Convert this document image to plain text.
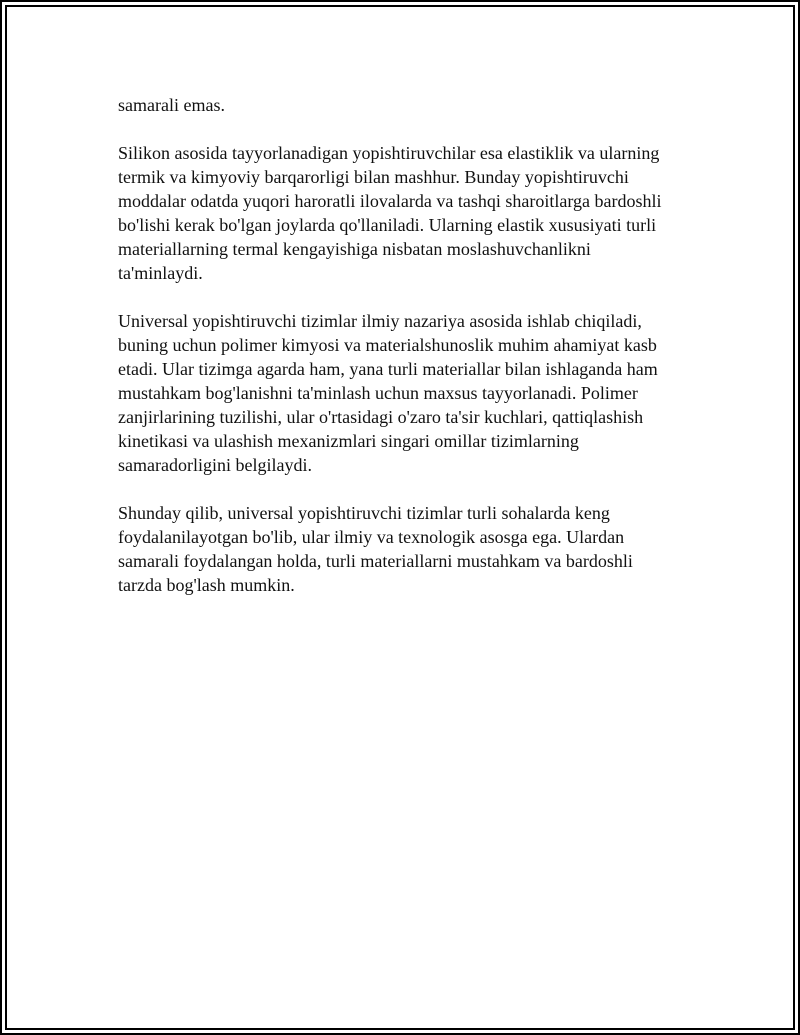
samarali emas.

Silikon asosida tayyorlanadigan yopishtiruvchilar esa elastiklik va ularning
termik va kimyoviy barqarorligi bilan mashhur. Bunday yopishtiruvchi
moddalar odatda yuqori haroratli ilovalarda va tashqi sharoitlarga bardoshli
bo'lishi kerak bo'lgan joylarda qo'llaniladi. Ularning elastik xususiyati turli
materiallarning termal kengayishiga nisbatan moslashuvchanlikni
ta'minlaydi.

Universal yopishtiruvchi tizimlar ilmiy nazariya asosida ishlab chiqiladi,
buning uchun polimer kimyosi va materialshunoslik muhim ahamiyat kasb
etadi. Ular tizimga agarda ham, yana turli materiallar bilan ishlaganda ham
mustahkam bog'lanishni ta'minlash uchun maxsus tayyorlanadi. Polimer
zanjirlarining tuzilishi, ular o'rtasidagi o'zaro ta'sir kuchlari, qattiqlashish
kinetikasi va ulashish mexanizmlari singari omillar tizimlarning
samaradorligini belgilaydi.

Shunday qilib, universal yopishtiruvchi tizimlar turli sohalarda keng
foydalanilayotgan bo'lib, ular ilmiy va texnologik asosga ega. Ulardan
samarali foydalangan holda, turli materiallarni mustahkam va bardoshli
tarzda bog'lash mumkin.
